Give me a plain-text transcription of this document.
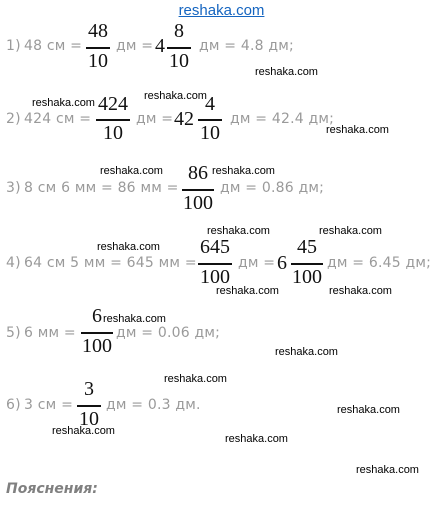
reshaka.com
1) 48 см =
48
10
дм = 4
8
10
дм = 4.8 дм;
2) 424 см =
424
10
дм = 42
4
10
дм = 42.4 дм;
3) 8 см 6 мм = 86 мм =
86
100
дм = 0.86 дм;
4) 64 см 5 мм = 645 мм =
645
100
дм = 6
45
100
дм = 6.45 дм;
5) 6 мм =
6
100
дм = 0.06 дм;
6) 3 см =
3
10
дм = 0.3 дм.
reshaka.com
reshaka.com
reshaka.com
reshaka.com
reshaka.com	reshaka.com
reshaka.com	reshaka.com
reshaka.com
reshaka.com	reshaka.com
reshaka.com
reshaka.com
reshaka.com
reshaka.com
reshaka.com
reshaka.com
reshaka.com
Пояснения:
